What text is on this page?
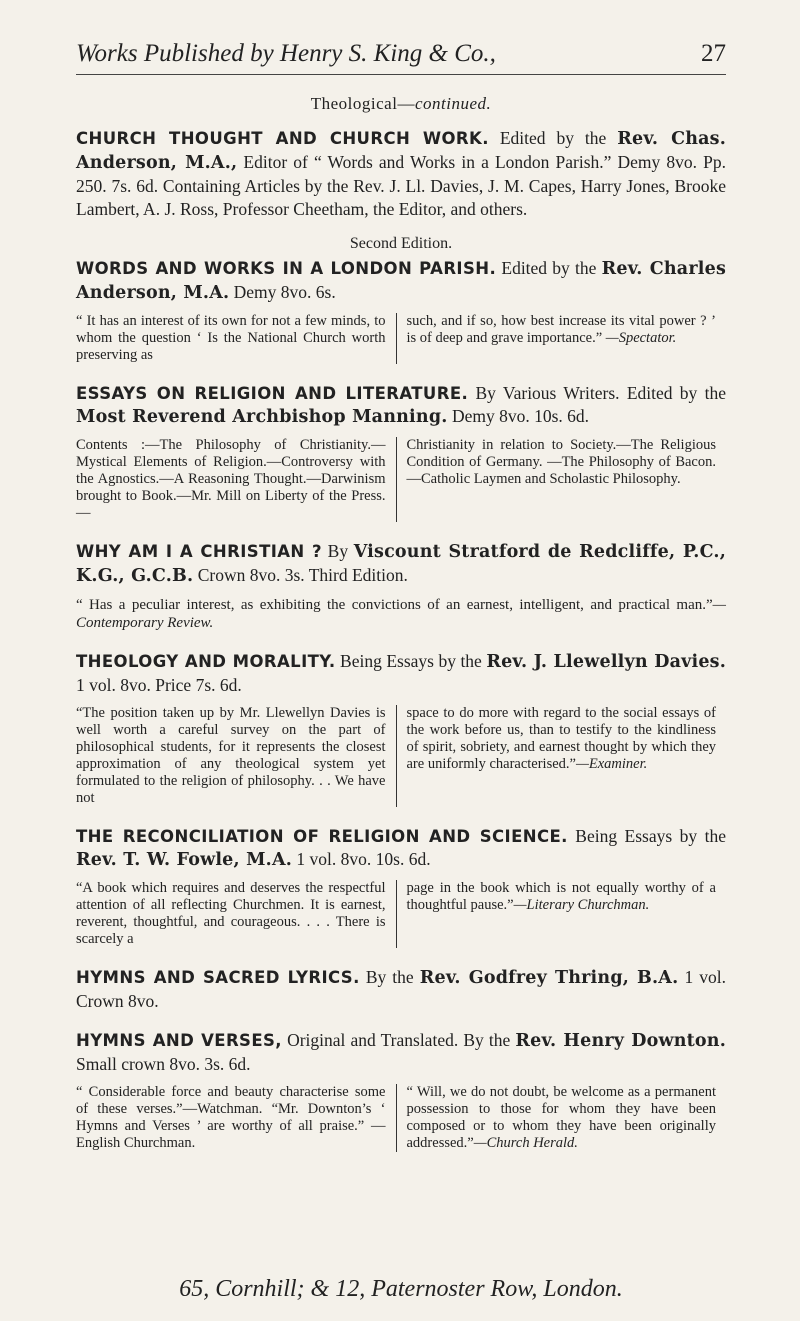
Works Published by Henry S. King & Co.,	27
Theological—continued.

CHURCH THOUGHT AND CHURCH WORK. Edited by the Rev. Chas. Anderson, M.A., Editor of “ Words and Works in a London Parish.” Demy 8vo. Pp. 250. 7s. 6d. Containing Articles by the Rev. J. Ll. Davies, J. M. Capes, Harry Jones, Brooke Lambert, A. J. Ross, Professor Cheetham, the Editor, and others.

Second Edition.

WORDS AND WORKS IN A LONDON PARISH. Edited by the Rev. Charles Anderson, M.A. Demy 8vo. 6s.

“ It has an interest of its own for not a few minds, to whom the question ‘ Is the National Church worth preserving as
such, and if so, how best increase its vital power ? ’ is of deep and grave importance.” —Spectator.

ESSAYS ON RELIGION AND LITERATURE. By Various Writers. Edited by the Most Reverend Archbishop Manning. Demy 8vo. 10s. 6d.

Contents :—The Philosophy of Christianity.—Mystical Elements of Religion.—Controversy with the Agnostics.—A Reasoning Thought.—Darwinism brought to Book.—Mr. Mill on Liberty of the Press.—
Christianity in relation to Society.—The Religious Condition of Germany. —The Philosophy of Bacon.—Catholic Laymen and Scholastic Philosophy.

WHY AM I A CHRISTIAN ? By Viscount Stratford de Redcliffe, P.C., K.G., G.C.B. Crown 8vo. 3s. Third Edition.

“ Has a peculiar interest, as exhibiting the convictions of an earnest, intelligent, and practical man.”—Contemporary Review.

THEOLOGY AND MORALITY. Being Essays by the Rev. J. Llewellyn Davies. 1 vol. 8vo. Price 7s. 6d.

“The position taken up by Mr. Llewellyn Davies is well worth a careful survey on the part of philosophical students, for it represents the closest approximation of any theological system yet formulated to the religion of philosophy. . . We have not
space to do more with regard to the social essays of the work before us, than to testify to the kindliness of spirit, sobriety, and earnest thought by which they are uniformly characterised.”—Examiner.

THE RECONCILIATION OF RELIGION AND SCIENCE. Being Essays by the Rev. T. W. Fowle, M.A. 1 vol. 8vo. 10s. 6d.

“A book which requires and deserves the respectful attention of all reflecting Churchmen. It is earnest, reverent, thoughtful, and courageous. . . . There is scarcely a
page in the book which is not equally worthy of a thoughtful pause.”—Literary Churchman.

HYMNS AND SACRED LYRICS. By the Rev. Godfrey Thring, B.A. 1 vol. Crown 8vo.

HYMNS AND VERSES, Original and Translated. By the Rev. Henry Downton. Small crown 8vo. 3s. 6d.

“ Considerable force and beauty characterise some of these verses.”—Watchman. “Mr. Downton’s ‘ Hymns and Verses ’ are worthy of all praise.” — English Churchman.
“ Will, we do not doubt, be welcome as a permanent possession to those for whom they have been composed or to whom they have been originally addressed.”—Church Herald.
65, Cornhill; & 12, Paternoster Row, London.
